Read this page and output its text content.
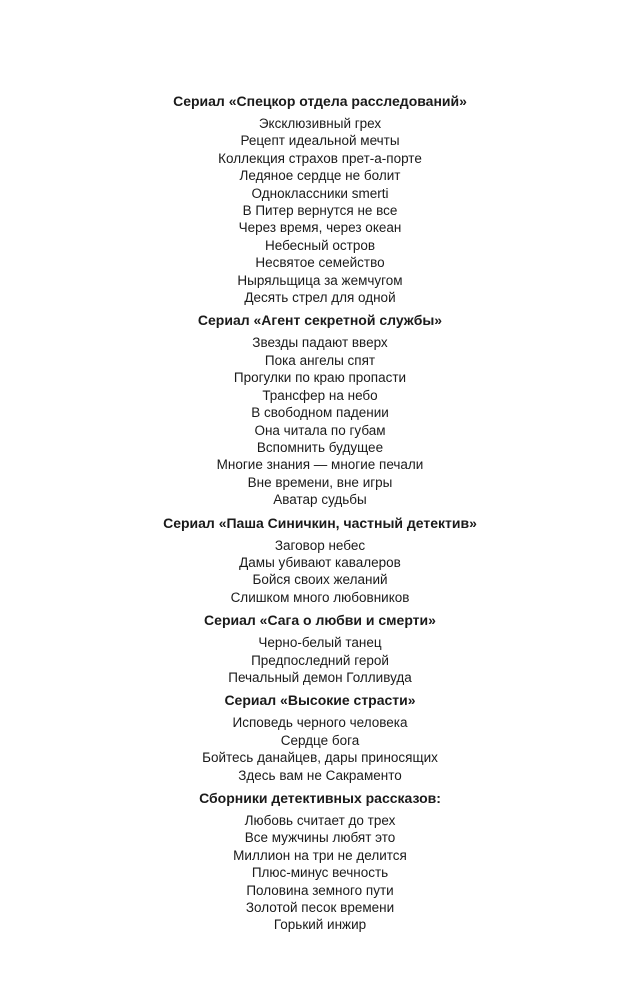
Сериал «Спецкор отдела расследований»
Эксклюзивный грех
Рецепт идеальной мечты
Коллекция страхов прет-а-порте
Ледяное сердце не болит
Одноклассники smerti
В Питер вернутся не все
Через время, через океан
Небесный остров
Несвятое семейство
Ныряльщица за жемчугом
Десять стрел для одной
Сериал «Агент секретной службы»
Звезды падают вверх
Пока ангелы спят
Прогулки по краю пропасти
Трансфер на небо
В свободном падении
Она читала по губам
Вспомнить будущее
Многие знания — многие печали
Вне времени, вне игры
Аватар судьбы
Сериал «Паша Синичкин, частный детектив»
Заговор небес
Дамы убивают кавалеров
Бойся своих желаний
Слишком много любовников
Сериал «Сага о любви и смерти»
Черно-белый танец
Предпоследний герой
Печальный демон Голливуда
Сериал «Высокие страсти»
Исповедь черного человека
Сердце бога
Бойтесь данайцев, дары приносящих
Здесь вам не Сакраменто
Сборники детективных рассказов:
Любовь считает до трех
Все мужчины любят это
Миллион на три не делится
Плюс-минус вечность
Половина земного пути
Золотой песок времени
Горький инжир
